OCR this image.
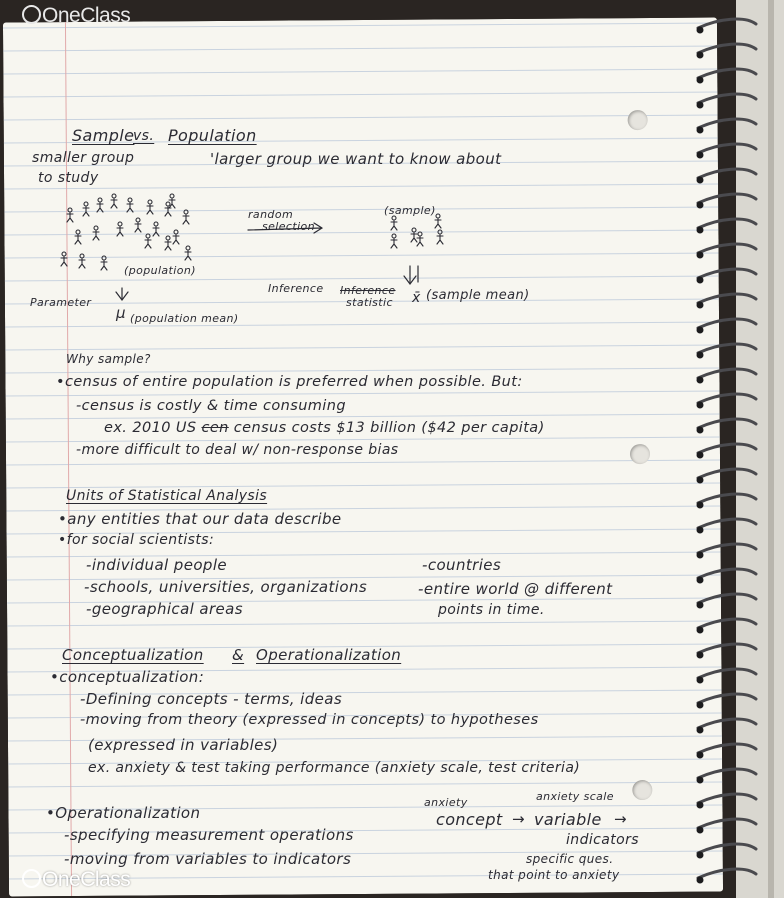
OneClass
Sample
vs. Population
smaller group
to study
'larger group we want to know about
random
selection
(sample)
(population)
Parameter
μ (population mean)
Inference Inference
statistic x̄ (sample mean)
Why sample?
•census of entire population is preferred when possible. But:
-census is costly & time consuming
ex. 2010 US cen census costs $13 billion ($42 per capita)
-more difficult to deal w/ non-response bias
Units of Statistical Analysis
•any entities that our data describe
•for social scientists:
-individual people
-schools, universities, organizations
-geographical areas
-countries
-entire world @ different
points in time.
Conceptualization & Operationalization
•conceptualization:
-Defining concepts - terms, ideas
-moving from theory (expressed in concepts) to hypotheses
(expressed in variables)
ex. anxiety & test taking performance (anxiety scale, test criteria)
•Operationalization
-specifying measurement operations
-moving from variables to indicators
anxiety	anxiety scale
concept → variable →
indicators
specific ques.
that point to anxiety
OneClass
